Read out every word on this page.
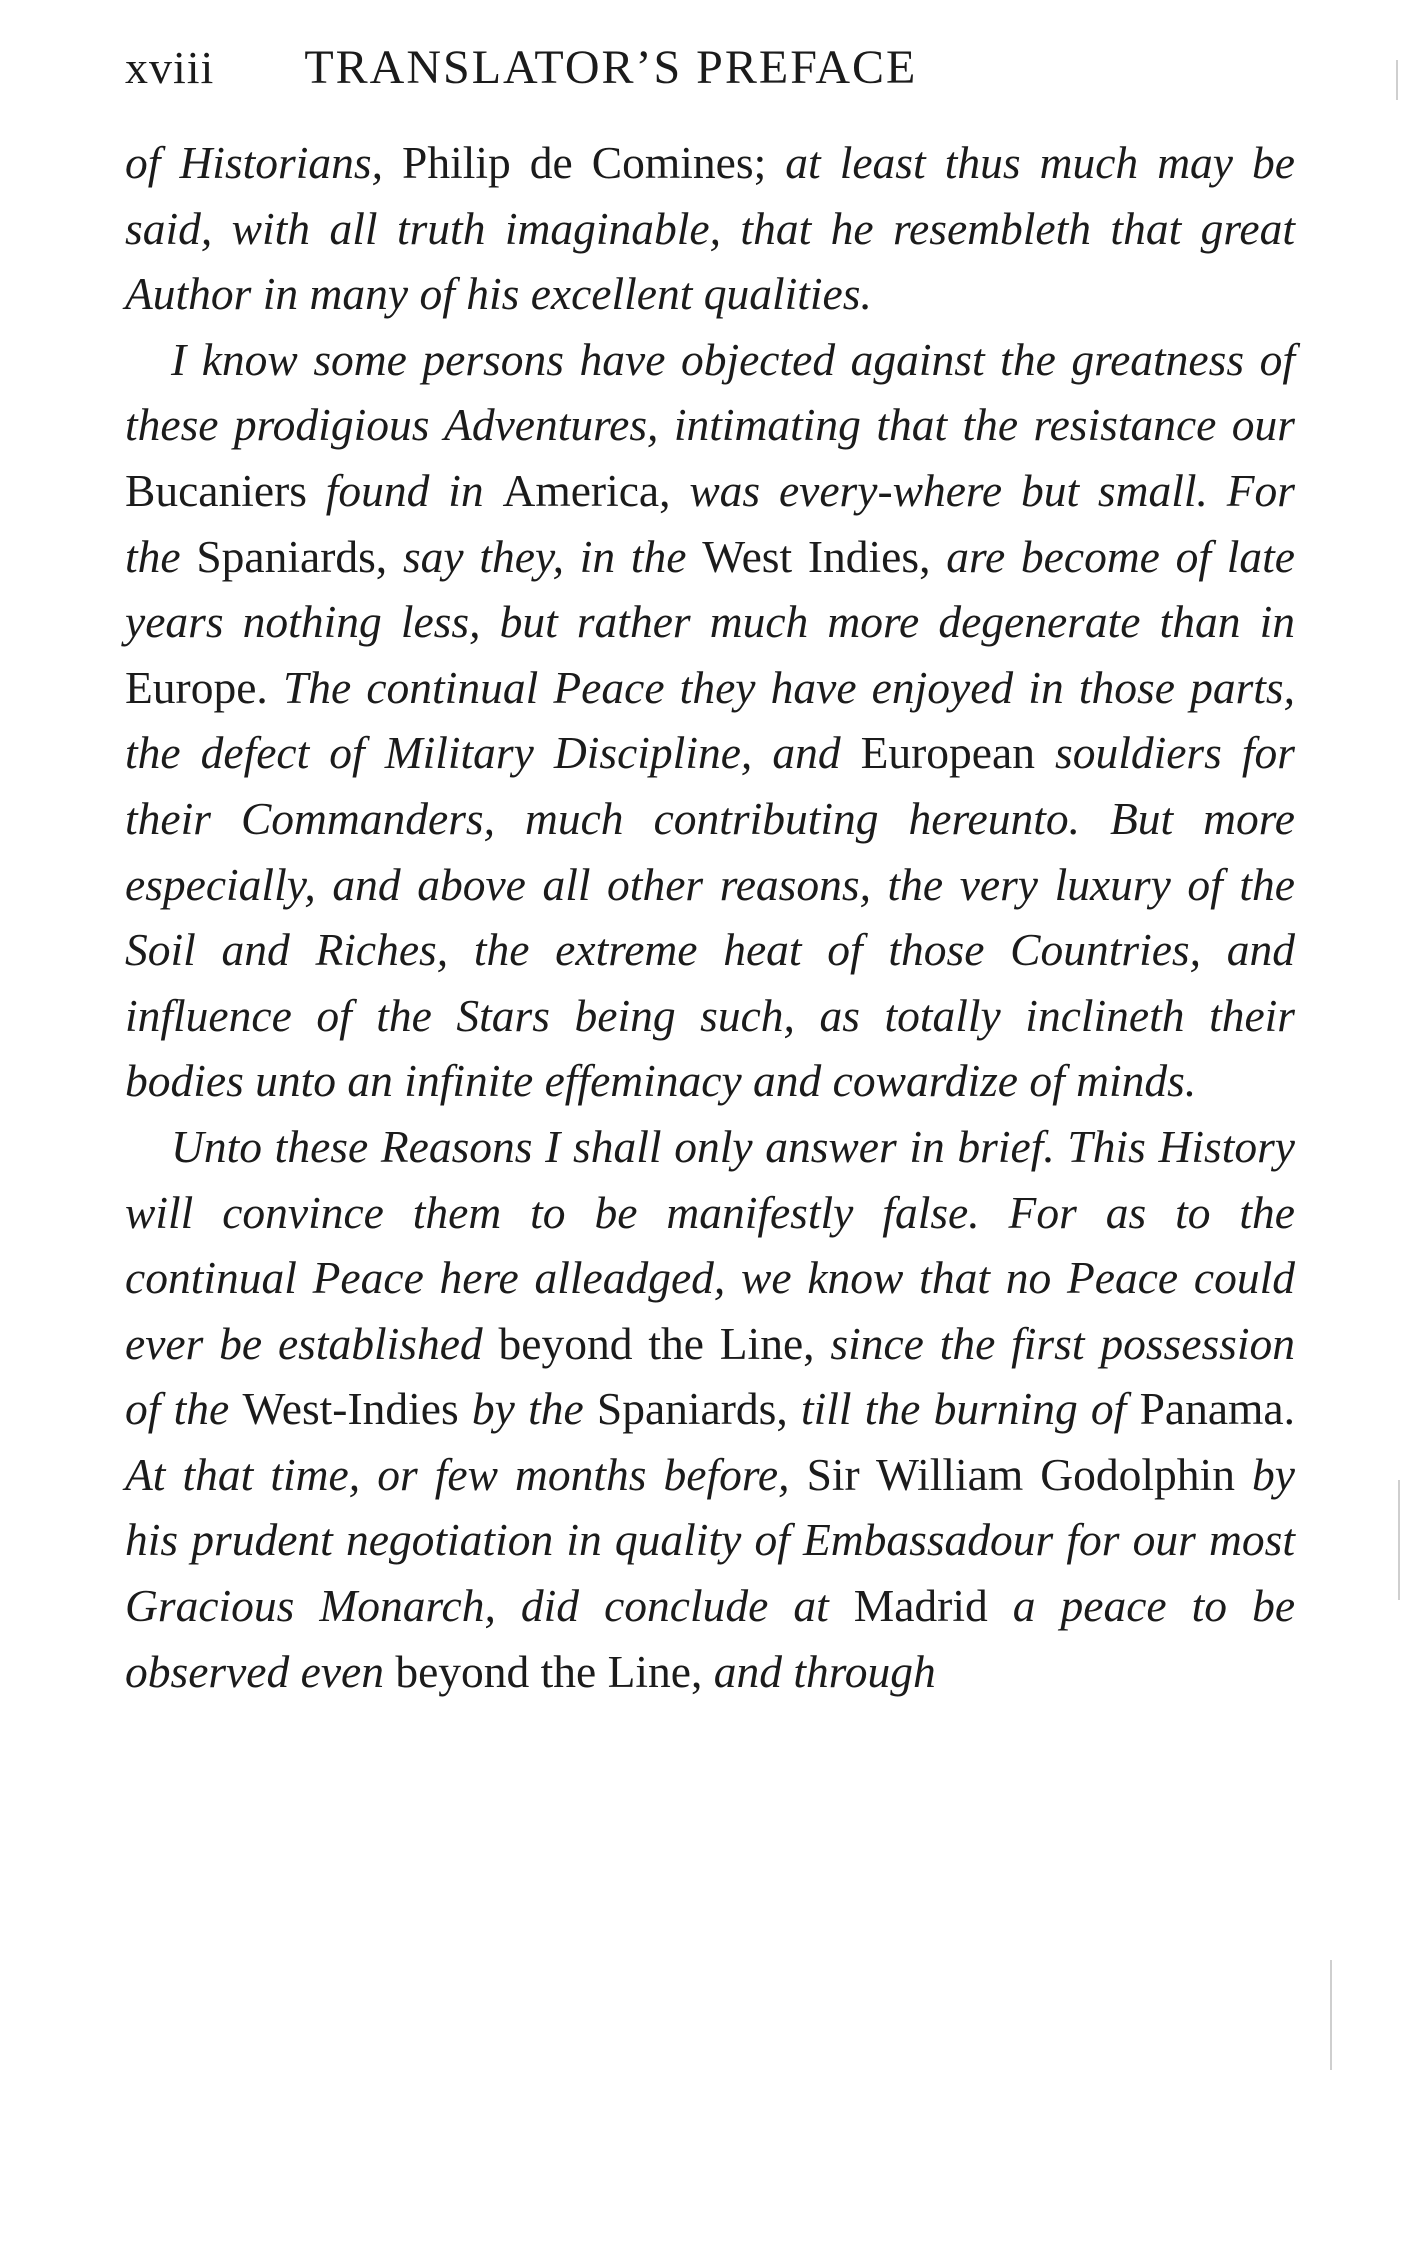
xviii TRANSLATOR’S PREFACE

of Historians, Philip de Comines; at least thus much may be said, with all truth imaginable, that he resembleth that great Author in many of his excellent qualities.

I know some persons have objected against the greatness of these prodigious Adventures, intimating that the resistance our Bucaniers found in America, was every-where but small. For the Spaniards, say they, in the West Indies, are become of late years nothing less, but rather much more degenerate than in Europe. The continual Peace they have enjoyed in those parts, the defect of Military Discipline, and European souldiers for their Commanders, much contributing hereunto. But more especially, and above all other reasons, the very luxury of the Soil and Riches, the extreme heat of those Countries, and influence of the Stars being such, as totally inclineth their bodies unto an infinite effeminacy and cowardize of minds.

Unto these Reasons I shall only answer in brief. This History will convince them to be manifestly false. For as to the continual Peace here alleadged, we know that no Peace could ever be established beyond the Line, since the first possession of the West-Indies by the Spaniards, till the burning of Panama. At that time, or few months before, Sir William Godolphin by his prudent negotiation in quality of Embassadour for our most Gracious Monarch, did conclude at Madrid a peace to be observed even beyond the Line, and through
